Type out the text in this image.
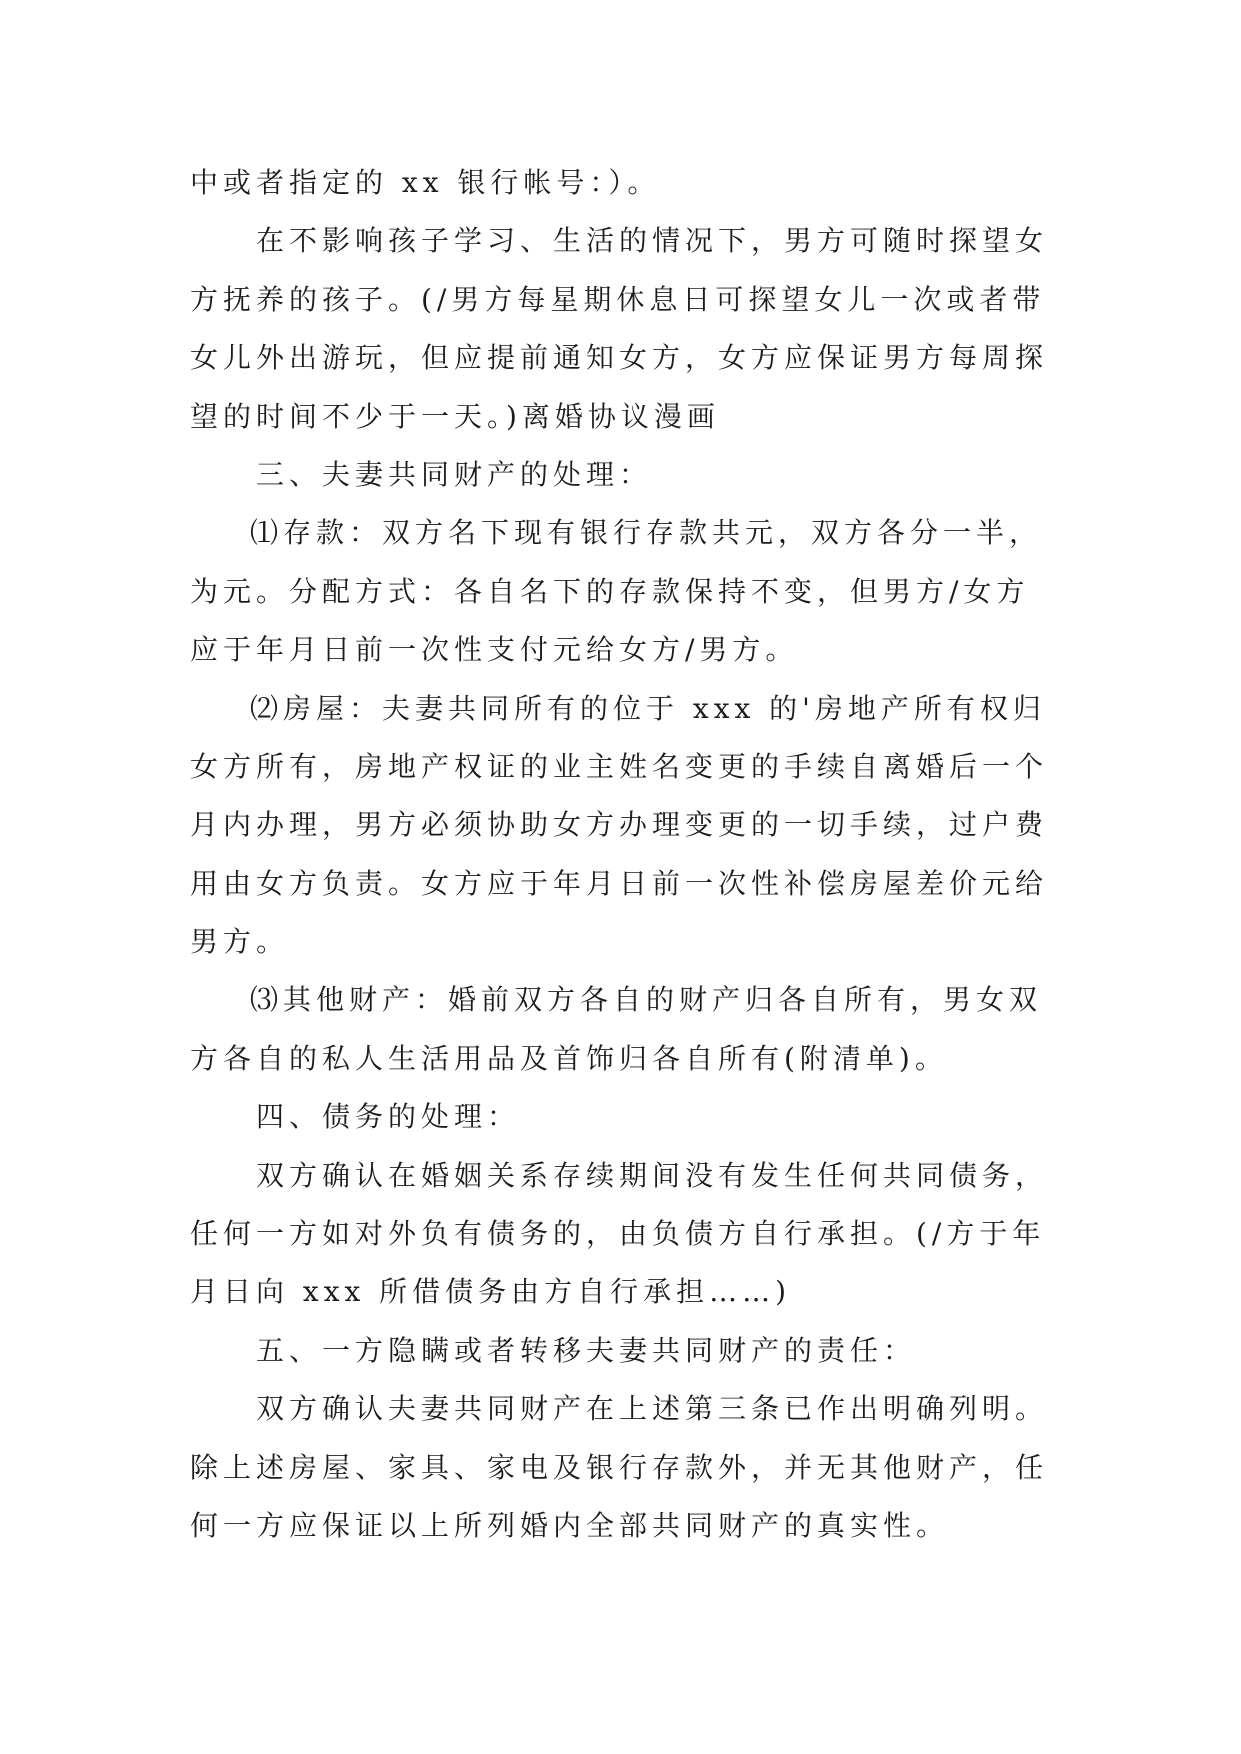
中或者指定的 xx 银行帐号：）。
在不影响孩子学习、生活的情况下，男方可随时探望女
方抚养的孩子。(/男方每星期休息日可探望女儿一次或者带
女儿外出游玩，但应提前通知女方，女方应保证男方每周探
望的时间不少于一天。)离婚协议漫画
三、夫妻共同财产的处理：
⑴存款：双方名下现有银行存款共元，双方各分一半，
为元。分配方式：各自名下的存款保持不变，但男方/女方
应于年月日前一次性支付元给女方/男方。
⑵房屋：夫妻共同所有的位于 xxx 的'房地产所有权归
女方所有，房地产权证的业主姓名变更的手续自离婚后一个
月内办理，男方必须协助女方办理变更的一切手续，过户费
用由女方负责。女方应于年月日前一次性补偿房屋差价元给
男方。
⑶其他财产：婚前双方各自的财产归各自所有，男女双
方各自的私人生活用品及首饰归各自所有(附清单)。
四、债务的处理：
双方确认在婚姻关系存续期间没有发生任何共同债务，
任何一方如对外负有债务的，由负债方自行承担。(/方于年
月日向 xxx 所借债务由方自行承担……)
五、一方隐瞒或者转移夫妻共同财产的责任：
双方确认夫妻共同财产在上述第三条已作出明确列明。
除上述房屋、家具、家电及银行存款外，并无其他财产，任
何一方应保证以上所列婚内全部共同财产的真实性。
